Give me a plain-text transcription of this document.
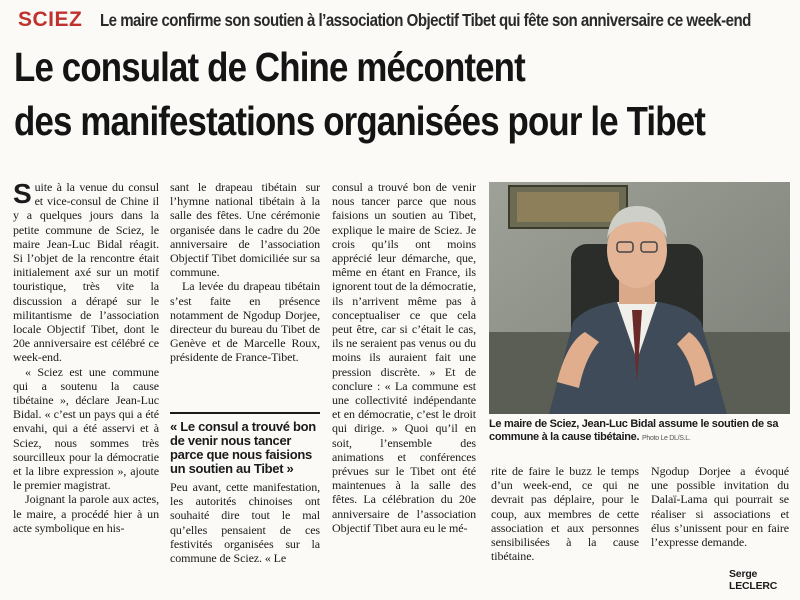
SCIEZ Le maire confirme son soutien à l’association Objectif Tibet qui fête son anniversaire ce week-end
Le consulat de Chine mécontent
des manifestations organisées pour le Tibet

Suite à la venue du consul et vice-consul de Chine il y a quelques jours dans la petite commune de Sciez, le maire Jean-Luc Bidal réagit. Si l’objet de la rencontre était initialement axé sur un motif touristique, très vite la discussion a dérapé sur le militantisme de l’association locale Objectif Tibet, dont le 20e anniversaire est célébré ce week-end.

« Sciez est une commune qui a soutenu la cause tibétaine », déclare Jean-Luc Bidal. « c’est un pays qui a été envahi, qui a été asservi et à Sciez, nous sommes très sourcilleux pour la démocratie et la libre expression », ajoute le premier magistrat.

Joignant la parole aux actes, le maire, a procédé hier à un acte symbolique en his-

sant le drapeau tibétain sur l’hymne national tibétain à la salle des fêtes. Une cérémonie organisée dans le cadre du 20e anniversaire de l’association Objectif Tibet domiciliée sur sa commune.

La levée du drapeau tibétain s’est faite en présence notamment de Ngodup Dorjee, directeur du bureau du Tibet de Genève et de Marcelle Roux, présidente de France-Tibet.

« Le consul a trouvé bon de venir nous tancer parce que nous faisions un soutien au Tibet »

Peu avant, cette manifestation, les autorités chinoises ont souhaité dire tout le mal qu’elles pensaient de ces festivités organisées sur la commune de Sciez. « Le

consul a trouvé bon de venir nous tancer parce que nous faisions un soutien au Tibet, explique le maire de Sciez. Je crois qu’ils ont moins apprécié leur démarche, que, même en étant en France, ils ignorent tout de la démocratie, ils n’arrivent même pas à conceptualiser ce que cela peut être, car si c’était le cas, ils ne seraient pas venus ou du moins ils auraient fait une pression discrète. » Et de conclure : « La commune est une collectivité indépendante et en démocratie, c’est le droit qui dirige. » Quoi qu’il en soit, l’ensemble des animations et conférences prévues sur le Tibet ont été maintenues à la salle des fêtes. La célébration du 20e anniversaire de l’association Objectif Tibet aura eu le mé-

Le maire de Sciez, Jean-Luc Bidal assume le soutien de sa commune à la cause tibétaine. Photo Le DL/S.L.

rite de faire le buzz le temps d’un week-end, ce qui ne devrait pas déplaire, pour le coup, aux membres de cette association et aux personnes sensibilisées à la cause tibétaine.

Ngodup Dorjee a évoqué une possible invitation du Dalaï-Lama qui pourrait se réaliser si associations et élus s’unissent pour en faire l’expresse demande.

Serge LECLERC
